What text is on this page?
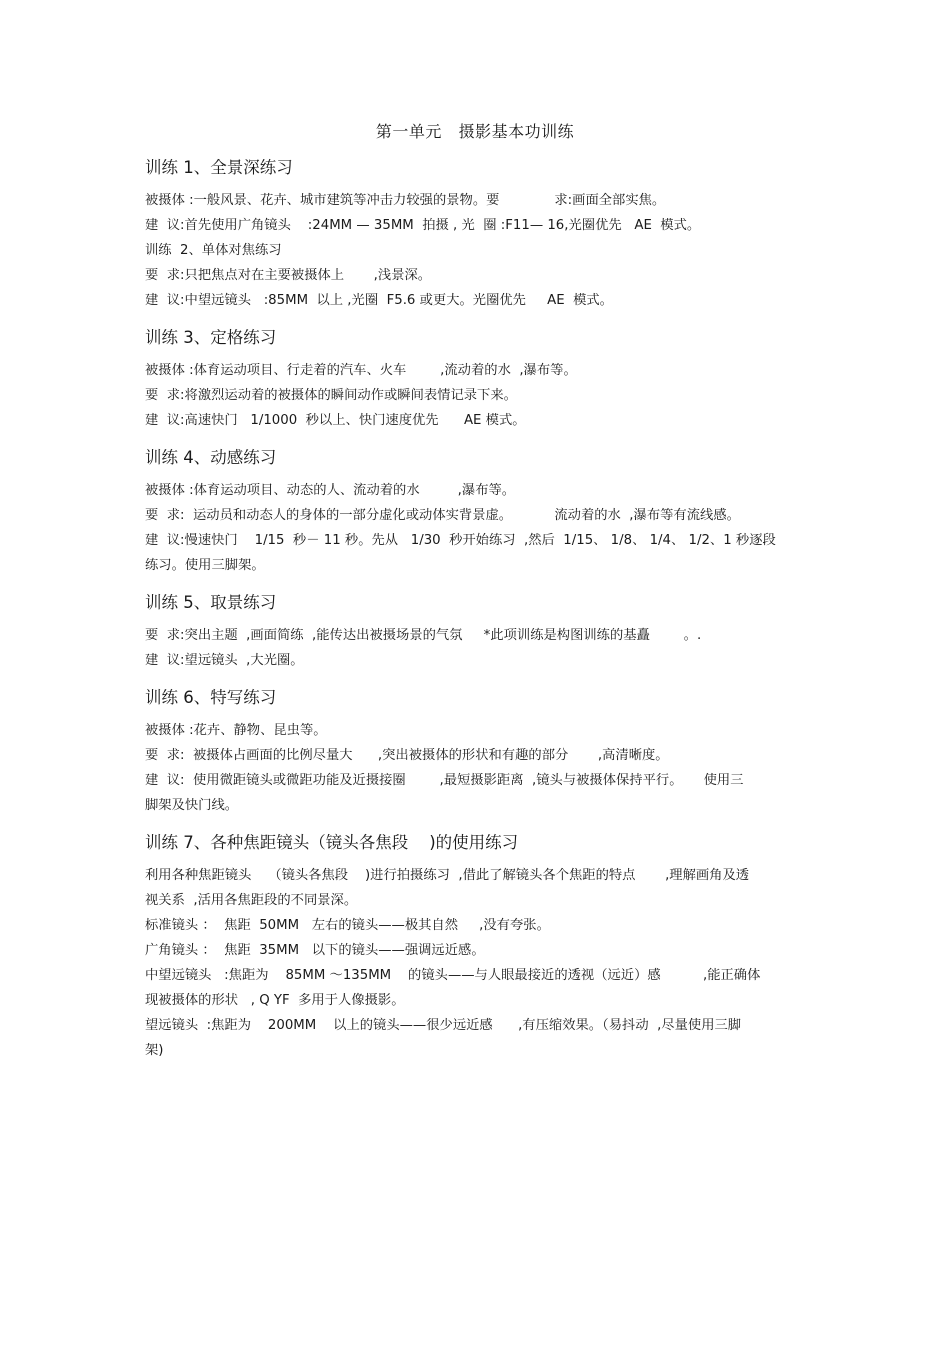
第一单元   摄影基本功训练
训练 1、全景深练习

被摄体 :一般风景、花卉、城市建筑等冲击力较强的景物。要             求:画面全部实焦。

建  议:首先使用广角镜头    :24MM — 35MM  拍摄 , 光  圈 :F11— 16,光圈优先   AE  模式。

训练  2、单体对焦练习

要  求:只把焦点对在主要被摄体上       ,浅景深。

建  议:中望远镜头   :85MM  以上 ,光圈  F5.6 或更大。光圈优先     AE  模式。

训练 3、定格练习

被摄体 :体育运动项目、行走着的汽车、火车        ,流动着的水  ,瀑布等。

要  求:将激烈运动着的被摄体的瞬间动作或瞬间表情记录下来。

建  议:高速快门   1/1000  秒以上、快门速度优先      AE 模式。

训练 4、动感练习

被摄体 :体育运动项目、动态的人、流动着的水         ,瀑布等。

要  求:  运动员和动态人的身体的一部分虚化或动体实背景虚。          流动着的水  ,瀑布等有流线感。

建  议:慢速快门    1/15  秒－ 11 秒。先从   1/30  秒开始练习  ,然后  1/15、 1/8、 1/4、 1/2、1 秒逐段

练习。使用三脚架。

训练 5、取景练习

要  求:突出主题  ,画面简练  ,能传达出被摄场景的气氛     *此项训练是构图训练的基矗        。.

建  议:望远镜头  ,大光圈。

训练 6、特写练习

被摄体 :花卉、静物、昆虫等。

要  求:  被摄体占画面的比例尽量大      ,突出被摄体的形状和有趣的部分       ,高清晰度。

建  议:  使用微距镜头或微距功能及近摄接圈        ,最短摄影距离  ,镜头与被摄体保持平行。     使用三

脚架及快门线。

训练 7、各种焦距镜头（镜头各焦段    )的使用练习

利用各种焦距镜头    （镜头各焦段    )进行拍摄练习  ,借此了解镜头各个焦距的特点       ,理解画角及透

视关系  ,活用各焦距段的不同景深。

标准镜头 ：  焦距  50MM   左右的镜头——极其自然     ,没有夸张。

广角镜头 ：  焦距  35MM   以下的镜头——强调远近感。

中望远镜头   :焦距为    85MM ～135MM    的镜头——与人眼最接近的透视（远近）感          ,能正确体

现被摄体的形状   , Q YF  多用于人像摄影。

望远镜头  :焦距为    200MM    以上的镜头——很少远近感      ,有压缩效果。（易抖动  ,尽量使用三脚

架)
